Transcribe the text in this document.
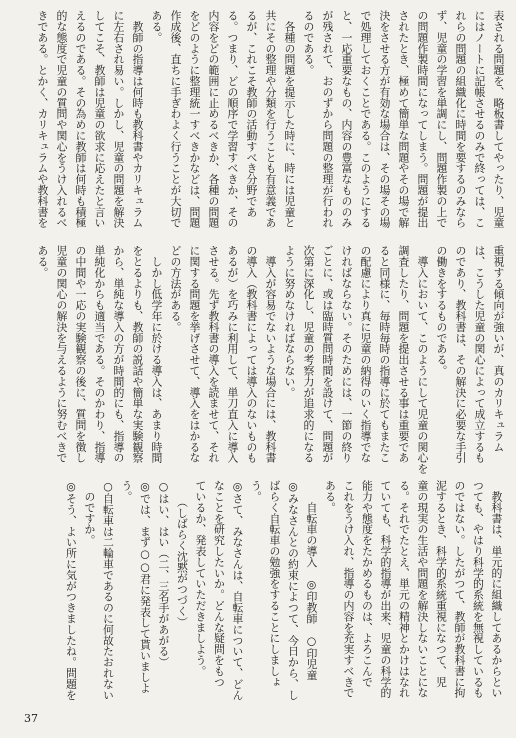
表される問題を、略板書してやったり、児童
にはノートに記帳させるのみで終っては、こ
れらの問題の組織化に時間を要するのみなら
ず、児童の学習を単調にし、問題作製の上で
の問題作製時間になってしまう。問題が提出
されたとき、極めて簡単な問題やその場で解
決をさせる方が有効な場合は、その場その場
で処理しておくことである。このようにする
と、一応重要なもの、内容の豊富なもののみ
が残されて、おのずから問題の整理が行われ
るのである。
　各種の問題を提示した時に、時には児童と
共にその整理や分類を行うことも有意義であ
るが、これこそ教師の活動すべき分野であ
る。つまり、どの順序で学習すべきか、その
内容をどの範囲に止めるべきか、各種の問題
をどのように整理統一すべきかなどは、問題
作成後、直ちに手ぎわよく行うことが大切で
ある。
　教師の指導は何時も教科書やカリキュラム
に左右され易い。しかし、児童の問題を解決
してこそ、教師は児童の欲求に応えたと言い
えるのである。その為めに教師は何時も積極
的な態度で児童の質問や関心をうけ入れるべ
きである。とかく、カリキュラムや教科書を
重視する傾向が強いが、真のカリキュラム
は、こうした児童の関心によって成立するも
のであり、教科書は、その解決に必要な手引
の働きをするものである。
　導入において、このようにして児童の関心を
調査したり、問題を提出させる事は重要であ
ると同様に、毎時毎時の指導に於てもまたこ
の配慮により真に児童の納得のいく指導でな
ければならない。そのためには、一節の終り
ごとに、或は臨時質問時間を設けて、問題が
次第に深化し、児童の考察力が追求的になる
ように努めなければならない。
　導入が容易でないような場合には、教科書
の導入（教科書によっては導入のないものも
あるが）を巧みに利用して、単刀直入に導入
させる。先ず教科書の導入を読ませて、それ
に関する問題を挙げさせて、導入をはかるな
どの方法がある。
　しかし低学年に於ける導入は、あまり時間
をとるよりも、教師の説話や簡単な実験観察
から、単純な導入の方が時間的にも、指導の
単純化からも適当である。そのかわり、指導
の中間や一応の実験観察の後に、質問を徴し
児童の関心の解決を与えるように努むべきで
ある。
　教科書は、単元的に組織してあるからとい
つても、やはり科学的系統を無視しているも
のではない。したがつて、教師が教科書に拘
泥するとき、科学的系統重視になつて、児
童の現実の生活や問題を解決しないことにな
る。それでたとえ、単元の精神とかけはなれ
ていても、科学的指導が出来、児童の科学的
能力や態度をたかめるものは、よろこんで
これをうけ入れ、指導の内容を充実すべきで
ある。
　　自転車の導入　◎印教師　○印児童
◎みなさんとの約束によつて、今日から、し
ばらく自転車の勉強をすることにしましょ
う。
◎さて、みなさんは、自転車について、どん
なことを研究したいか。どんな疑問をもつ
ているか、発表していただきましよう。
　　（しばらく沈黙がつづく）
○はい、はい（二、三名手があがる）
◎では、まず○○君に発表して貰いましよ
う。
○自転車は二輪車であるのに何故たおれない
　のですか。
◎そう、よい所に気がつきましたね。問題を
37
